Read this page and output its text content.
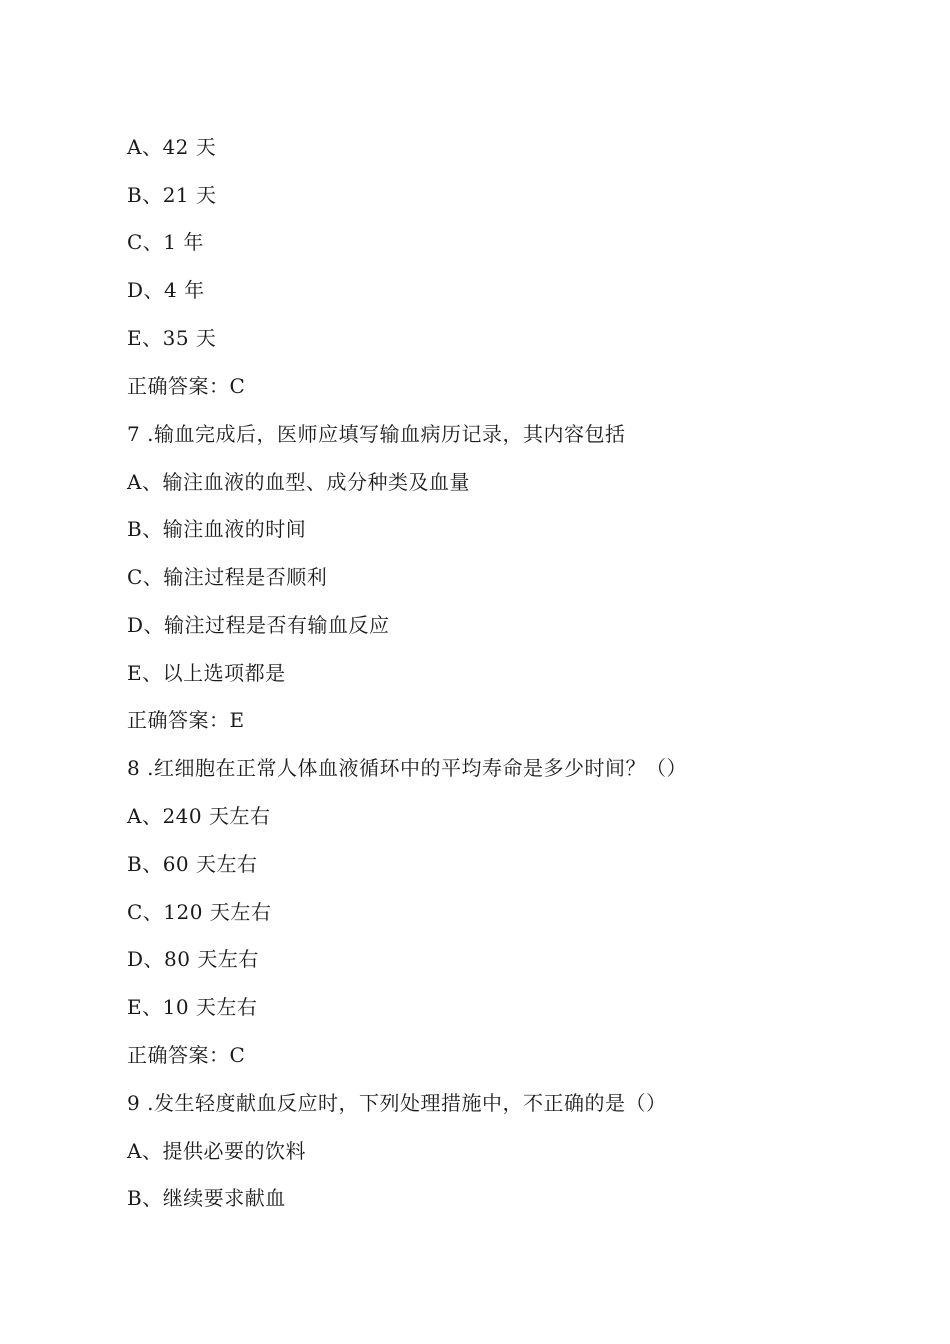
A、42 天
B、21 天
C、1 年
D、4 年
E、35 天
正确答案：C
7 .输血完成后，医师应填写输血病历记录，其内容包括
A、输注血液的血型、成分种类及血量
B、输注血液的时间
C、输注过程是否顺利
D、输注过程是否有输血反应
E、以上选项都是
正确答案：E
8 .红细胞在正常人体血液循环中的平均寿命是多少时间？（）
A、240 天左右
B、60 天左右
C、120 天左右
D、80 天左右
E、10 天左右
正确答案：C
9 .发生轻度献血反应时，下列处理措施中，不正确的是（）
A、提供必要的饮料
B、继续要求献血
